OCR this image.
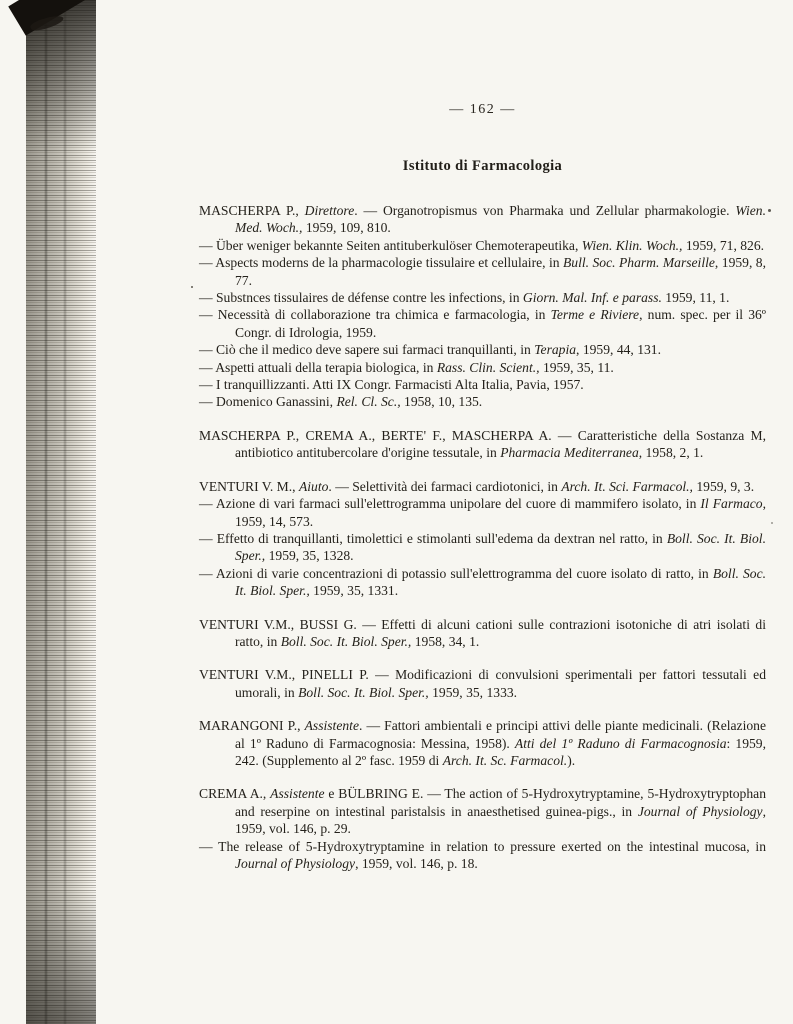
— 162 —
Istituto di Farmacologia

MASCHERPA P., Direttore. — Organotropismus von Pharmaka und Zellular pharmakologie. Wien. Med. Woch., 1959, 109, 810.

— Über weniger bekannte Seiten antituberkulöser Chemoterapeutika, Wien. Klin. Woch., 1959, 71, 826.

— Aspects moderns de la pharmacologie tissulaire et cellulaire, in Bull. Soc. Pharm. Marseille, 1959, 8, 77.

— Substnces tissulaires de défense contre les infections, in Giorn. Mal. Inf. e parass. 1959, 11, 1.

— Necessità di collaborazione tra chimica e farmacologia, in Terme e Riviere, num. spec. per il 36º Congr. di Idrologia, 1959.

— Ciò che il medico deve sapere sui farmaci tranquillanti, in Terapia, 1959, 44, 131.

— Aspetti attuali della terapia biologica, in Rass. Clin. Scient., 1959, 35, 11.

— I tranquillizzanti. Atti IX Congr. Farmacisti Alta Italia, Pavia, 1957.

— Domenico Ganassini, Rel. Cl. Sc., 1958, 10, 135.

MASCHERPA P., CREMA A., BERTE' F., MASCHERPA A. — Caratteristiche della Sostanza M, antibiotico antitubercolare d'origine tessutale, in Pharmacia Mediterranea, 1958, 2, 1.

VENTURI V. M., Aiuto. — Selettività dei farmaci cardiotonici, in Arch. It. Sci. Farmacol., 1959, 9, 3.

— Azione di vari farmaci sull'elettrogramma unipolare del cuore di mammifero isolato, in Il Farmaco, 1959, 14, 573.

— Effetto di tranquillanti, timolettici e stimolanti sull'edema da dextran nel ratto, in Boll. Soc. It. Biol. Sper., 1959, 35, 1328.

— Azioni di varie concentrazioni di potassio sull'elettrogramma del cuore isolato di ratto, in Boll. Soc. It. Biol. Sper., 1959, 35, 1331.

VENTURI V.M., BUSSI G. — Effetti di alcuni cationi sulle contrazioni isotoniche di atri isolati di ratto, in Boll. Soc. It. Biol. Sper., 1958, 34, 1.

VENTURI V.M., PINELLI P. — Modificazioni di convulsioni sperimentali per fattori tessutali ed umorali, in Boll. Soc. It. Biol. Sper., 1959, 35, 1333.

MARANGONI P., Assistente. — Fattori ambientali e principi attivi delle piante medicinali. (Relazione al 1º Raduno di Farmacognosia: Messina, 1958). Atti del 1º Raduno di Farmacognosia: 1959, 242. (Supplemento al 2º fasc. 1959 di Arch. It. Sc. Farmacol.).

CREMA A., Assistente e BÜLBRING E. — The action of 5-Hydroxytryptamine, 5-Hydroxytryptophan and reserpine on intestinal paristalsis in anaesthetised guinea-pigs., in Journal of Physiology, 1959, vol. 146, p. 29.

— The release of 5-Hydroxytryptamine in relation to pressure exerted on the intestinal mucosa, in Journal of Physiology, 1959, vol. 146, p. 18.
